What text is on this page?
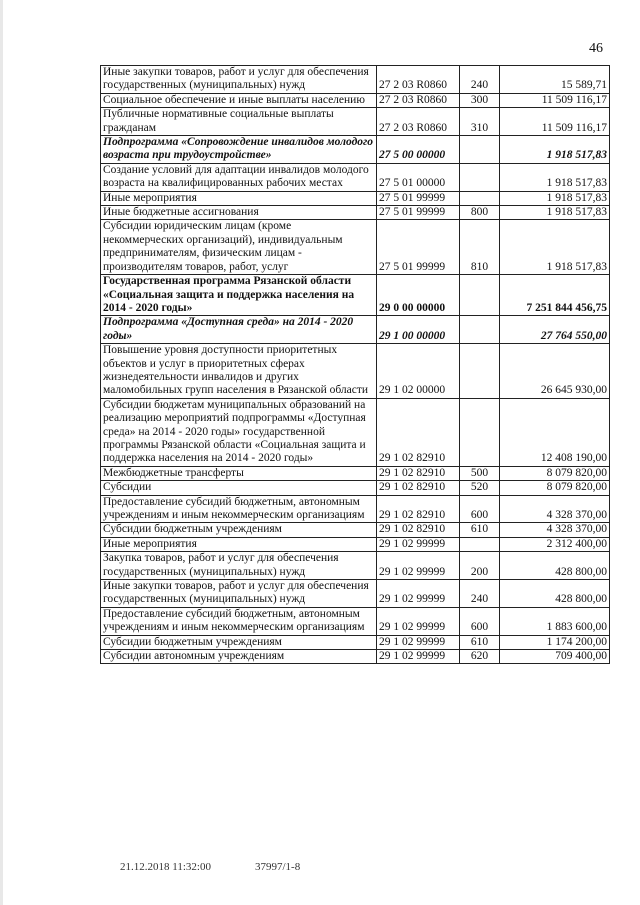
46
Иные закупки товаров, работ и услуг для обеспечения государственных (муниципальных) нужд	27 2 03 R0860	240	15 589,71
Социальное обеспечение и иные выплаты населению	27 2 03 R0860	300	11 509 116,17
Публичные нормативные социальные выплаты гражданам	27 2 03 R0860	310	11 509 116,17
Подпрограмма «Сопровождение инвалидов молодого возраста при трудоустройстве»	27 5 00 00000		1 918 517,83
Создание условий для адаптации инвалидов молодого возраста на квалифицированных рабочих местах	27 5 01 00000		1 918 517,83
Иные мероприятия	27 5 01 99999		1 918 517,83
Иные бюджетные ассигнования	27 5 01 99999	800	1 918 517,83
Субсидии юридическим лицам (кроме некоммерческих организаций), индивидуальным предпринимателям, физическим лицам - производителям товаров, работ, услуг	27 5 01 99999	810	1 918 517,83
Государственная программа Рязанской области «Социальная защита и поддержка населения на 2014 - 2020 годы»	29 0 00 00000		7 251 844 456,75
Подпрограмма «Доступная среда» на 2014 - 2020 годы»	29 1 00 00000		27 764 550,00
Повышение уровня доступности приоритетных объектов и услуг в приоритетных сферах жизнедеятельности инвалидов и других маломобильных групп населения в Рязанской области	29 1 02 00000		26 645 930,00
Субсидии бюджетам муниципальных образований на реализацию мероприятий подпрограммы «Доступная среда» на 2014 - 2020 годы» государственной программы Рязанской области «Социальная защита и поддержка населения на 2014 - 2020 годы»	29 1 02 82910		12 408 190,00
Межбюджетные трансферты	29 1 02 82910	500	8 079 820,00
Субсидии	29 1 02 82910	520	8 079 820,00
Предоставление субсидий бюджетным, автономным учреждениям и иным некоммерческим организациям	29 1 02 82910	600	4 328 370,00
Субсидии бюджетным учреждениям	29 1 02 82910	610	4 328 370,00
Иные мероприятия	29 1 02 99999		2 312 400,00
Закупка товаров, работ и услуг для обеспечения государственных (муниципальных) нужд	29 1 02 99999	200	428 800,00
Иные закупки товаров, работ и услуг для обеспечения государственных (муниципальных) нужд	29 1 02 99999	240	428 800,00
Предоставление субсидий бюджетным, автономным учреждениям и иным некоммерческим организациям	29 1 02 99999	600	1 883 600,00
Субсидии бюджетным учреждениям	29 1 02 99999	610	1 174 200,00
Субсидии автономным учреждениям	29 1 02 99999	620	709 400,00
21.12.2018 11:32:00	37997/1-8
